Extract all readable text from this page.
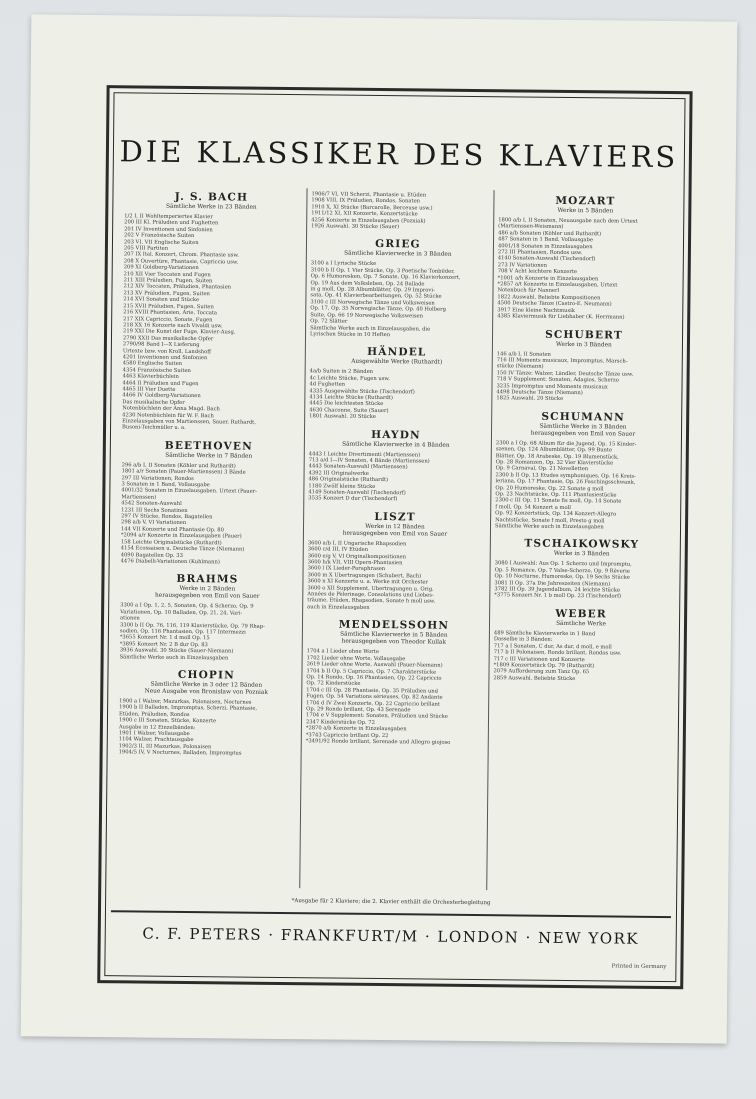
DIE KLASSIKER DES KLAVIERS
J. S. BACH
Sämtliche Werke in 23 Bänden
1/2 I, II Wohltemperiertes Klavier
200 III Kl. Präludien und Fughetten
201 IV Inventionen und Sinfonien
202 V Französische Suiten
203 VI, VII Englische Suiten
205 VIII Partiten
207 IX Ital. Konzert, Chrom. Phantasie usw.
208 X Ouvertüre, Phantasie, Capriccio usw.
209 XI Goldberg-Variationen
210 XII Vier Toccaten und Fugen
211 XIII Präludien, Fugen, Suiten
212 XIV Toccaten, Präludien, Phantasien
213 XV Präludien, Fugen, Suiten
214 XVI Sonaten und Stücke
215 XVII Präludien, Fugen, Suiten
216 XVIII Phantasien, Arie, Toccata
217 XIX Capriccio, Sonate, Fugen
218 XX 16 Konzerte nach Vivaldi usw.
219 XXI Die Kunst der Fuge, Klavier-Ausg.
2790 XXII Das musikalische Opfer
2790/98 Band I—X Lieferung
Urtexte bzw. von Kroll, Landshoff
4201 Inventionen und Sinfonien
4580 Englische Suiten
4354 Französische Suiten
4463 Klavierbüchlein
4464 II Präludien und Fugen
4465 III Vier Duette
4466 IV Goldberg-Variationen
Das musikalische Opfer
Notenbüchlein der Anna Magd. Bach
4230 Notenbüchlein für W. F. Bach
Einzelausgaben von Martienssen, Sauer, Ruthardt,
Busoni-Teichmüller u. a.
BEETHOVEN
Sämtliche Werke in 7 Bänden
296 a/b I, II Sonaten (Köhler und Ruthardt)
1801 a/r Sonaten (Pauer-Martienssen) 3 Bände
297 III Variationen, Rondos
3 Sonaten in 1 Band, Vollausgabe
4001/32 Sonaten in Einzelausgaben. Urtext (Pauer-
Martienssen)
4542 Sonaten-Auswahl
1231 III Sechs Sonatinen
297 IV Stücke, Rondos, Bagatellen
298 a/b V, VI Variationen
144 VII Konzerte und Phantasie Op. 80
*2094 a/r Konzerte in Einzelausgaben (Pauer)
158 Leichte Originalstücke (Ruthardt)
4154 Ecossaisen u. Deutsche Tänze (Niemann)
4090 Bagatellen Op. 33
4476 Diabelli-Variationen (Kuhlmann)
BRAHMS
Werke in 2 Bänden
herausgegeben von Emil von Sauer
3300 a I Op. 1, 2, 5, Sonaten, Op. 4 Scherzo, Op. 9
Variationen, Op. 10 Balladen, Op. 21, 24, Vari-
ationen
3300 b II Op. 76, 116, 119 Klavierstücke, Op. 79 Rhap-
sodien, Op. 116 Phantasien, Op. 117 Intermezzi
*3655 Konzert Nr. 1 d moll Op. 15
*3895 Konzert Nr. 2 B dur Op. 83
3936 Auswahl. 30 Stücke (Sauer-Niemann)
Sämtliche Werke auch in Einzelausgaben
CHOPIN
Sämtliche Werke in 3 oder 12 Bänden
Neue Ausgabe von Bronisław von Pozniak
1900 a I Walzer, Mazurkas, Polonaisen, Nocturnes
1900 b II Balladen, Impromptus, Scherzi, Phantasie,
Etüden, Präludien, Rondos
1900 c III Sonaten, Stücke, Konzerte
Ausgabe in 12 Einzelbänden:
1901 I Walzer, Vollausgabe
1104 Walzer, Prachtausgabe
1902/3 II, III Mazurkas, Polonaisen
1904/5 IV, V Nocturnes, Balladen, Impromptus
1906/7 VI, VII Scherzi, Phantasie u. Etüden
1908 VIII, IX Präludien, Rondos, Sonaten
1910 X, XI Stücke (Barcarolle, Berceuse usw.)
1911/12 XI, XII Konzerte, Konzertstücke
4256 Konzerte in Einzelausgaben (Pozniak)
1926 Auswahl. 30 Stücke (Sauer)
GRIEG
Sämtliche Klavierwerke in 3 Bänden
3100 a I Lyrische Stücke
3100 b II Op. 1 Vier Stücke, Op. 3 Poetische Tonbilder,
Op. 6 Humoresken, Op. 7 Sonate, Op. 16 Klavierkonzert,
Op. 19 Aus dem Volksleben, Op. 24 Ballade
in g moll, Op. 28 Albumblätter, Op. 29 Improvi-
sata, Op. 41 Klavierbearbeitungen, Op. 52 Stücke
3100 c III Norwegische Tänze und Volksweisen
Op. 17, Op. 35 Norwegische Tänze, Op. 40 Holberg
Suite, Op. 66 19 Norwegische Volksweisen
Op. 72 Slåtter
Sämtliche Werke auch in Einzelausgaben, die
Lyrischen Stücke in 10 Heften
HÄNDEL
Ausgewählte Werke (Ruthardt)
4a/b Suiten in 2 Bänden
4c Leichte Stücke, Fugen usw.
4d Fughetten
4335 Ausgewählte Stücke (Tischendorf)
4134 Leichte Stücke (Ruthardt)
4445 Die leichtesten Stücke
4630 Chaconne, Suite (Sauer)
1801 Auswahl. 20 Stücke
HAYDN
Sämtliche Klavierwerke in 4 Bänden
4443 I Leichte Divertimenti (Martienssen)
713 a/d I—IV Sonaten, 4 Bände (Martienssen)
4443 Sonaten-Auswahl (Martienssen)
4392 III Originalwerke
486 Originalstücke (Ruthardt)
1180 Zwölf kleine Stücke
4149 Sonaten-Auswahl (Tischendorf)
3535 Konzert D dur (Tischendorf)
LISZT
Werke in 12 Bänden
herausgegeben von Emil von Sauer
3600 a/b I, II Ungarische Rhapsodien
3600 c/d III, IV Etüden
3600 e/g V, VI Originalkompositionen
3600 h/k VII, VIII Opern-Phantasien
3600 l IX Lieder-Paraphrasen
3600 m X Übertragungen (Schubert, Bach)
3600 n XI Konzerte u. a. Werke mit Orchester
3600 o XII Supplement, Übertragungen u. Orig.
Années de Pèlerinage, Consolations und Liebes-
träume, Etüden, Rhapsodien, Sonate h moll usw.
auch in Einzelausgaben
MENDELSSOHN
Sämtliche Klavierwerke in 5 Bänden
herausgegeben von Theodor Kullak
1704 a I Lieder ohne Worte
1702 Lieder ohne Worte, Vollausgabe
2619 Lieder ohne Worte, Auswahl (Pauer-Niemann)
1704 b II Op. 5 Capriccio, Op. 7 Charakterstücke
Op. 14 Rondo, Op. 16 Phantasien, Op. 22 Capriccio
Op. 72 Kinderstücke
1704 c III Op. 28 Phantasie, Op. 35 Präludien und
Fugen, Op. 54 Variations sérieuses, Op. 82 Andante
1704 d IV Zwei Konzerte, Op. 22 Capriccio brillant
Op. 29 Rondo brillant, Op. 43 Serenade
1704 e V Supplement: Sonaten, Präludien und Stücke
2347 Kinderstücke Op. 72
*2870 a/b Konzerte in Einzelausgaben
*3743 Capriccio brillant Op. 22
*3491/92 Rondo brillant, Serenade und Allegro giojoso
MOZART
Werke in 5 Bänden
1800 a/b I, II Sonaten, Neuausgabe nach dem Urtext
(Martienssen-Weismann)
486 a/b Sonaten (Köhler und Ruthardt)
487 Sonaten in 1 Band, Vollausgabe
4001/18 Sonaten in Einzelausgaben
272 III Phantasien, Rondos usw.
4140 Sonaten-Auswahl (Tischendorf)
273 IV Variationen
708 V Acht leichtere Konzerte
*1001 a/h Konzerte in Einzelausgaben
*2857 a/t Konzerte in Einzelausgaben, Urtext
Notenbuch für Nannerl
1822 Auswahl. Beliebte Kompositionen
4500 Deutsche Tänze (Castro-E. Neumann)
3917 Eine kleine Nachtmusik
4385 Klaviermusik für Liebhaber (K. Herrmann)
SCHUBERT
Werke in 3 Bänden
146 a/b I, II Sonaten
716 III Moments musicaux, Impromptus, Marsch-
stücke (Niemann)
150 IV Tänze: Walzer, Ländler, Deutsche Tänze usw.
718 V Supplement: Sonaten, Adagios, Scherzo
3235 Impromptus und Moments musicaux
4498 Deutsche Tänze (Niemann)
1825 Auswahl. 20 Stücke
SCHUMANN
Sämtliche Werke in 3 Bänden
herausgegeben von Emil von Sauer
2300 a I Op. 68 Album für die Jugend, Op. 15 Kinder-
szenen, Op. 124 Albumblätter, Op. 99 Bunte
Blätter, Op. 18 Arabeske, Op. 19 Blumenstück,
Op. 28 Romanzen, Op. 32 Vier Klavierstücke
Op. 9 Carnaval, Op. 21 Novelletten
2300 b II Op. 13 Etudes symphoniques, Op. 16 Kreis-
leriana, Op. 17 Phantasie, Op. 26 Faschingsschwank,
Op. 20 Humoreske, Op. 22 Sonate g moll
Op. 23 Nachtstücke, Op. 111 Phantasiestücke
2300 c III Op. 11 Sonate fis moll, Op. 14 Sonate
f moll, Op. 54 Konzert a moll
Op. 92 Konzertstück, Op. 134 Konzert-Allegro
Nachtstücke, Sonate f moll, Presto g moll
Sämtliche Werke auch in Einzelausgaben
TSCHAIKOWSKY
Werke in 3 Bänden
3080 I Auswahl: Aus Op. 1 Scherzo und Impromptu,
Op. 5 Romance, Op. 7 Valse-Scherzo, Op. 9 Rêverie
Op. 10 Nocturne, Humoreske, Op. 19 Sechs Stücke
3081 II Op. 37a Die Jahreszeiten (Niemann)
3782 III Op. 39 Jugendalbum, 24 leichte Stücke
*3775 Konzert Nr. 1 b moll Op. 23 (Tischendorf)
WEBER
Sämtliche Werke
489 Sämtliche Klavierwerke in 1 Band
Dasselbe in 3 Bänden:
717 a I Sonaten, C dur, As dur, d moll, e moll
717 b II Polonaisen, Rondo brillant, Rondos usw.
717 c III Variationen und Konzerte
*1809 Konzertstück Op. 79 (Ruthardt)
2079 Aufforderung zum Tanz Op. 65
2859 Auswahl. Beliebte Stücke
*Ausgabe für 2 Klaviere; die 2. Klavier enthält die Orchesterbegleitung
C. F. PETERS · FRANKFURT/M · LONDON · NEW YORK
Printed in Germany
